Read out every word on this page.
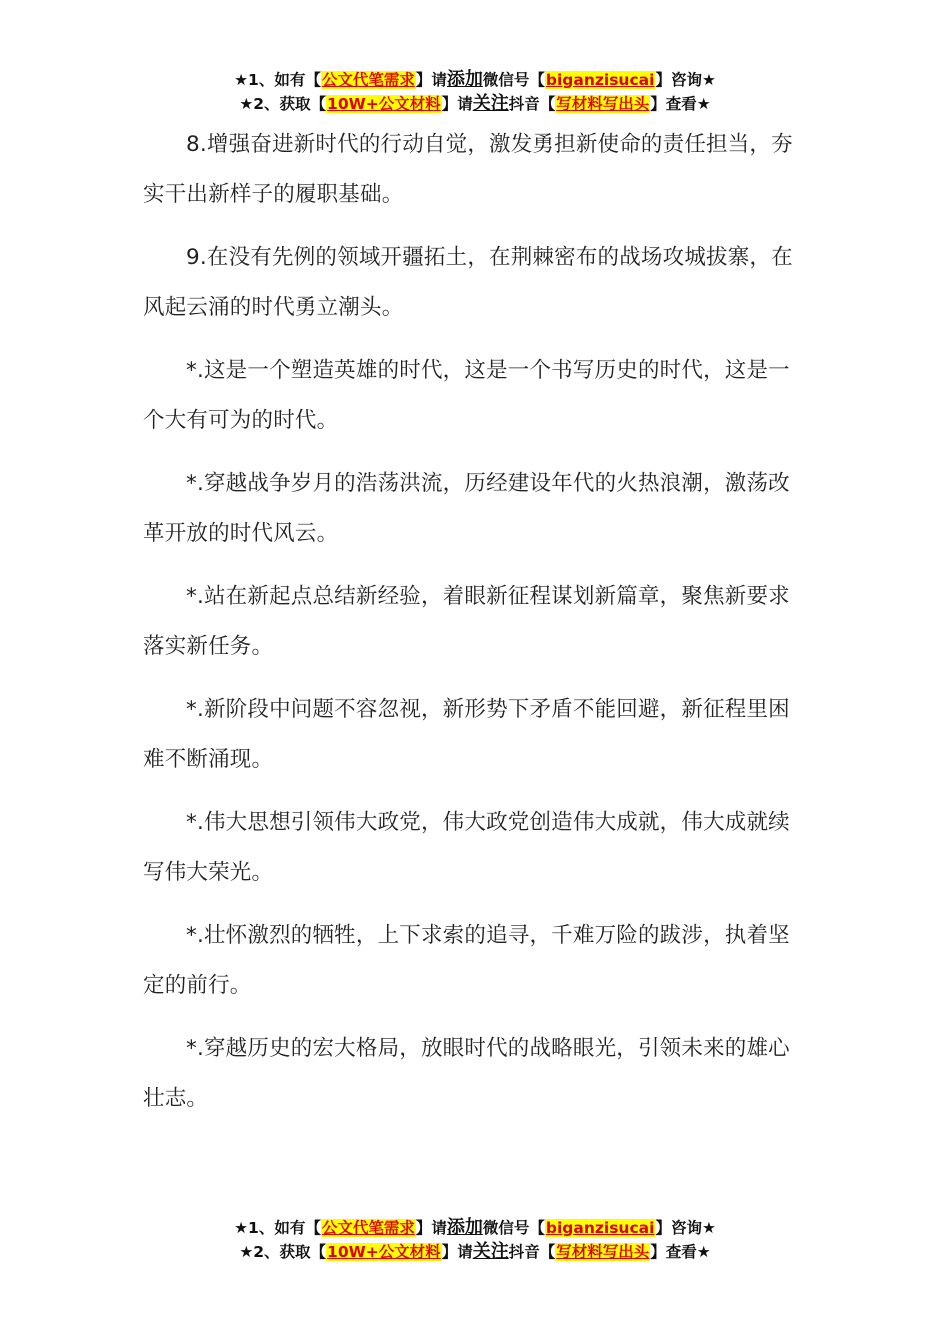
★1、如有【公文代笔需求】请添加微信号【biganzisucai】咨询★
★2、获取【10W+公文材料】请关注抖音【写材料写出头】查看★

8.增强奋进新时代的行动自觉，激发勇担新使命的责任担当，夯实干出新样子的履职基础。

9.在没有先例的领域开疆拓土，在荆棘密布的战场攻城拔寨，在风起云涌的时代勇立潮头。

*.这是一个塑造英雄的时代，这是一个书写历史的时代，这是一个大有可为的时代。

*.穿越战争岁月的浩荡洪流，历经建设年代的火热浪潮，激荡改革开放的时代风云。

*.站在新起点总结新经验，着眼新征程谋划新篇章，聚焦新要求落实新任务。

*.新阶段中问题不容忽视，新形势下矛盾不能回避，新征程里困难不断涌现。

*.伟大思想引领伟大政党，伟大政党创造伟大成就，伟大成就续写伟大荣光。

*.壮怀激烈的牺牲，上下求索的追寻，千难万险的跋涉，执着坚定的前行。

*.穿越历史的宏大格局，放眼时代的战略眼光，引领未来的雄心壮志。

★1、如有【公文代笔需求】请添加微信号【biganzisucai】咨询★
★2、获取【10W+公文材料】请关注抖音【写材料写出头】查看★
